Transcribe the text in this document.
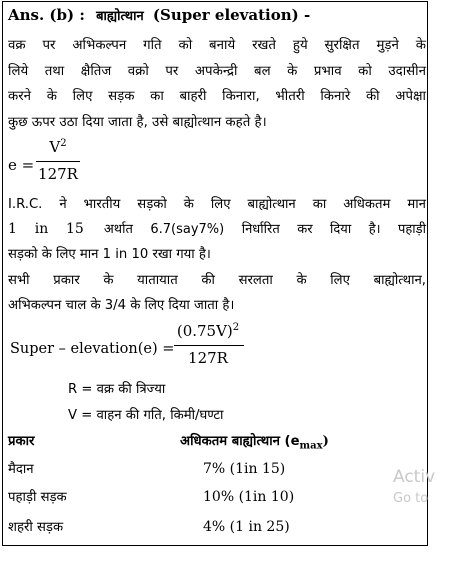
Ans. (b) : बाह्योत्थान (Super elevation) -
वक्र पर अभिकल्पन गति को बनाये रखते हुये सुरक्षित मुड़ने के
लिये तथा क्षैतिज वक्रो पर अपकेन्द्री बल के प्रभाव को उदासीन
करने के लिए सड़क का बाहरी किनारा, भीतरी किनारे की अपेक्षा
कुछ ऊपर उठा दिया जाता है, उसे बाह्योत्थान कहते है।
e =
$V^2$
127R
I.R.C. ने भारतीय सड़को के लिए बाह्योत्थान का अधिकतम मान
1 in 15 अर्थात 6.7(say7%) निर्धारित कर दिया है। पहाड़ी
सड़को के लिए मान 1 in 10 रखा गया है।
सभी प्रकार के यातायात की सरलता के लिए बाह्योत्थान,
अभिकल्पन चाल के 3/4 के लिए दिया जाता है।
Super – elevation(e) =
$(0.75V)^2$
127R
R = वक्र की त्रिज्या
V = वाहन की गति, किमी/घण्टा
प्रकार	अधिकतम बाह्योत्थान $(e_{max})$
मैदान	7% (1in 15)
पहाड़ी सड़क	10% (1in 10)
शहरी सड़क	4% (1 in 25)
Activ
Go to
